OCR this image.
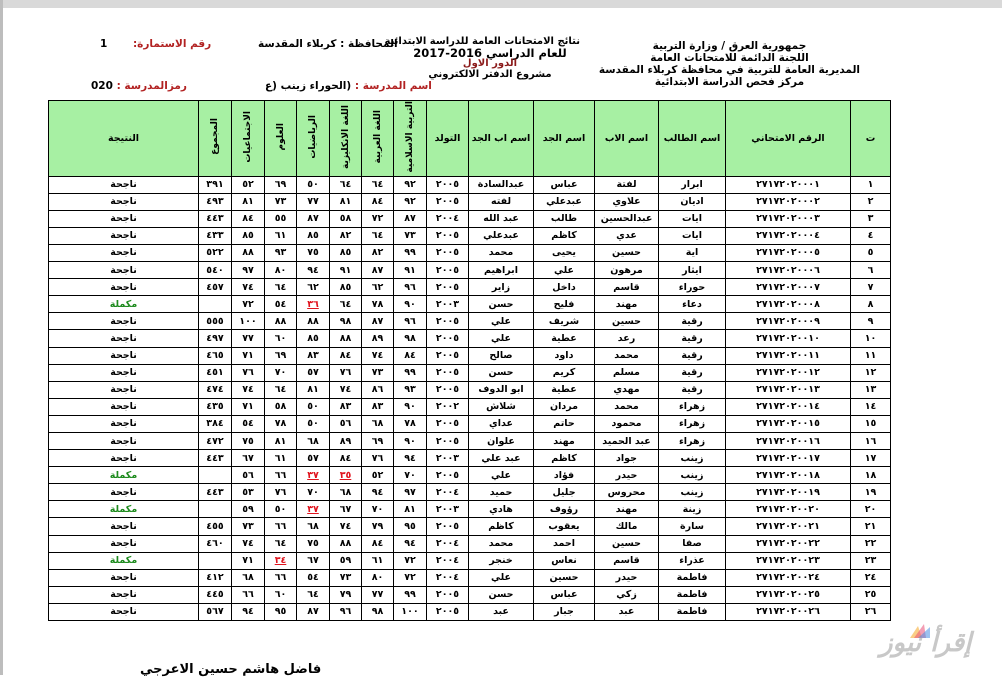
جمهورية العرق / وزارة التربية
اللجنة الدائمة للامتحانات العامة
المديرية العامة للتربية في محافظة كربلاء المقدسة
مركز فحص الدراسة الابتدائية
نتائج الامتحانات العامة للدراسة الابتدائية
للعام الدراسي 2016-2017
الدور الاول
مشروع الدفتر الالكتروني
المحافظة : كربلاء المقدسة
رقم الاستمارة: 1
اسم المدرسة : (الحوراء زينب (ع
رمزالمدرسة : 020
ت	الرقم الامتحاني	اسم الطالب	اسم الاب	اسم الجد	اسم اب الجد	التولد	التربية الاسلامية	اللغة العربية	اللغة الانكليزية	الرياضيات	العلوم	الاجتماعيات	المجموع	النتيجة
١	٢٧١٧٢٠٢٠٠٠١	ابرار	لفتة	عباس	عبدالسادة	٢٠٠٥	٩٢	٦٤	٦٤	٥٠	٦٩	٥٢	٣٩١	ناجحة
٢	٢٧١٧٢٠٢٠٠٠٢	اديان	علاوي	عبدعلي	لفته	٢٠٠٥	٩٢	٨٤	٨١	٧٧	٧٣	٨١	٤٩٣	ناجحة
٣	٢٧١٧٢٠٢٠٠٠٣	ايات	عبدالحسين	طالب	عبد الله	٢٠٠٤	٨٧	٧٢	٥٨	٨٧	٥٥	٨٤	٤٤٣	ناجحة
٤	٢٧١٧٢٠٢٠٠٠٤	ايات	عدي	كاظم	عبدعلي	٢٠٠٥	٧٣	٦٤	٨٢	٨٥	٦١	٨٥	٤٣٣	ناجحة
٥	٢٧١٧٢٠٢٠٠٠٥	اية	حسين	يحيى	محمد	٢٠٠٥	٩٩	٨٢	٨٥	٧٥	٩٣	٨٨	٥٢٢	ناجحة
٦	٢٧١٧٢٠٢٠٠٠٦	ايثار	مرهون	علي	ابراهيم	٢٠٠٥	٩١	٨٧	٩١	٩٤	٨٠	٩٧	٥٤٠	ناجحة
٧	٢٧١٧٢٠٢٠٠٠٧	حوراء	قاسم	داخل	زاير	٢٠٠٥	٩٦	٦٢	٨٥	٦٢	٦٤	٧٤	٤٥٧	ناجحة
٨	٢٧١٧٢٠٢٠٠٠٨	دعاء	مهند	فليح	حسن	٢٠٠٣	٩٠	٧٨	٦٤	٣٦	٥٤	٧٢		مكملة
٩	٢٧١٧٢٠٢٠٠٠٩	رقية	حسين	شريف	علي	٢٠٠٥	٩٦	٨٧	٩٨	٨٨	٨٨	١٠٠	٥٥٥	ناجحة
١٠	٢٧١٧٢٠٢٠٠١٠	رقية	رعد	عطية	علي	٢٠٠٥	٩٨	٨٩	٨٨	٨٥	٦٠	٧٧	٤٩٧	ناجحة
١١	٢٧١٧٢٠٢٠٠١١	رقية	محمد	داود	صالح	٢٠٠٥	٨٤	٧٤	٨٤	٨٣	٦٩	٧١	٤٦٥	ناجحة
١٢	٢٧١٧٢٠٢٠٠١٢	رقية	مسلم	كريم	حسن	٢٠٠٥	٩٩	٧٣	٧٦	٥٧	٧٠	٧٦	٤٥١	ناجحة
١٣	٢٧١٧٢٠٢٠٠١٣	رقية	مهدي	عطية	ابو الدوف	٢٠٠٥	٩٣	٨٦	٧٤	٨١	٦٤	٧٤	٤٧٤	ناجحة
١٤	٢٧١٧٢٠٢٠٠١٤	زهراء	محمد	مردان	شلاش	٢٠٠٢	٩٠	٨٣	٨٣	٥٠	٥٨	٧١	٤٣٥	ناجحة
١٥	٢٧١٧٢٠٢٠٠١٥	زهراء	محمود	حاتم	عداي	٢٠٠٥	٧٨	٦٨	٥٦	٥٠	٧٨	٥٤	٣٨٤	ناجحة
١٦	٢٧١٧٢٠٢٠٠١٦	زهراء	عبد الحميد	مهند	علوان	٢٠٠٥	٩٠	٦٩	٨٩	٦٨	٨١	٧٥	٤٧٢	ناجحة
١٧	٢٧١٧٢٠٢٠٠١٧	زينب	جواد	كاظم	عبد علي	٢٠٠٣	٩٤	٧٦	٨٤	٥٧	٦١	٦٧	٤٤٣	ناجحة
١٨	٢٧١٧٢٠٢٠٠١٨	زينب	حيدر	فؤاد	علي	٢٠٠٥	٧٠	٥٢	٣٥	٣٧	٦٦	٥٦		مكملة
١٩	٢٧١٧٢٠٢٠٠١٩	زينب	محروس	جليل	حميد	٢٠٠٤	٩٧	٩٤	٦٨	٧٠	٧٦	٥٣	٤٤٣	ناجحة
٢٠	٢٧١٧٢٠٢٠٠٢٠	زينة	مهند	رؤوف	هادي	٢٠٠٣	٨١	٧٠	٦٧	٣٧	٥٠	٥٩		مكملة
٢١	٢٧١٧٢٠٢٠٠٢١	سارة	مالك	يعقوب	كاظم	٢٠٠٥	٩٥	٧٩	٧٤	٦٨	٦٦	٧٣	٤٥٥	ناجحة
٢٢	٢٧١٧٢٠٢٠٠٢٢	صفا	حسين	احمد	محمد	٢٠٠٤	٩٤	٨٤	٨٨	٧٥	٦٤	٧٤	٤٦٠	ناجحة
٢٣	٢٧١٧٢٠٢٠٠٢٣	عذراء	قاسم	نعاس	خنجر	٢٠٠٤	٧٢	٦١	٥٩	٦٧	٣٤	٧١		مكملة
٢٤	٢٧١٧٢٠٢٠٠٢٤	فاطمة	حيدر	حسين	علي	٢٠٠٤	٧٢	٨٠	٧٣	٥٤	٦٦	٦٨	٤١٢	ناجحة
٢٥	٢٧١٧٢٠٢٠٠٢٥	فاطمة	زكي	عباس	حسن	٢٠٠٥	٩٩	٧٧	٧٩	٦٤	٦٠	٦٦	٤٤٥	ناجحة
٢٦	٢٧١٧٢٠٢٠٠٢٦	فاطمة	عبد	جبار	عبد	٢٠٠٥	١٠٠	٩٨	٩٦	٨٧	٩٥	٩٤	٥٦٧	ناجحة
فاضل هاشم حسين الاعرجي
إقرأ نيوز
